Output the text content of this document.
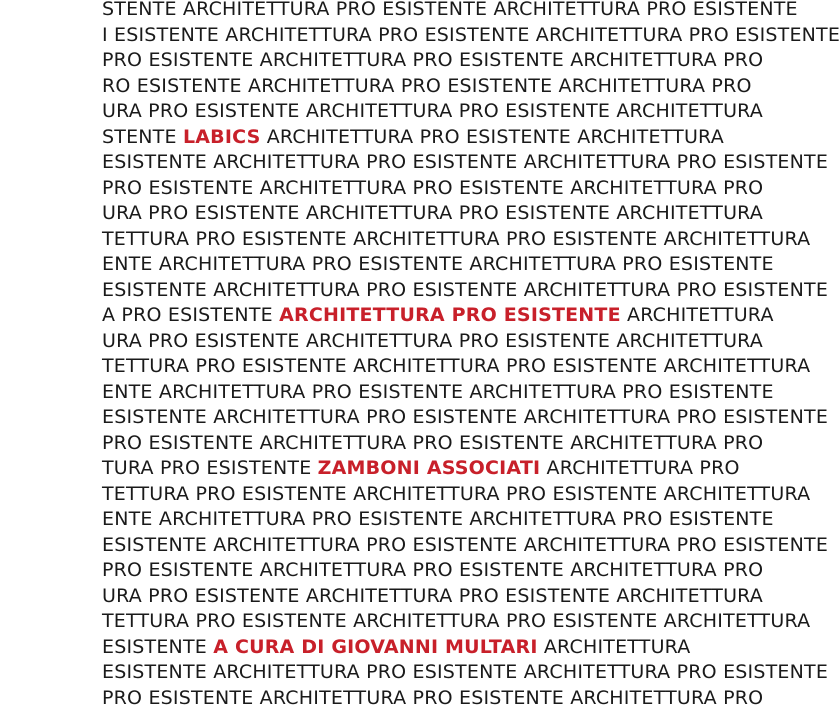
STENTE ARCHITETTURA PRO ESISTENTE ARCHITETTURA PRO ESISTENTE
I ESISTENTE ARCHITETTURA PRO ESISTENTE ARCHITETTURA PRO ESISTENTE
PRO ESISTENTE ARCHITETTURA PRO ESISTENTE ARCHITETTURA PRO
RO ESISTENTE ARCHITETTURA PRO ESISTENTE ARCHITETTURA PRO
URA PRO ESISTENTE ARCHITETTURA PRO ESISTENTE ARCHITETTURA
STENTE LABICS ARCHITETTURA PRO ESISTENTE ARCHITETTURA
ESISTENTE ARCHITETTURA PRO ESISTENTE ARCHITETTURA PRO ESISTENTE
PRO ESISTENTE ARCHITETTURA PRO ESISTENTE ARCHITETTURA PRO
URA PRO ESISTENTE ARCHITETTURA PRO ESISTENTE ARCHITETTURA
TETTURA PRO ESISTENTE ARCHITETTURA PRO ESISTENTE ARCHITETTURA
ENTE ARCHITETTURA PRO ESISTENTE ARCHITETTURA PRO ESISTENTE
ESISTENTE ARCHITETTURA PRO ESISTENTE ARCHITETTURA PRO ESISTENTE
A PRO ESISTENTE ARCHITETTURA PRO ESISTENTE ARCHITETTURA
URA PRO ESISTENTE ARCHITETTURA PRO ESISTENTE ARCHITETTURA
TETTURA PRO ESISTENTE ARCHITETTURA PRO ESISTENTE ARCHITETTURA
ENTE ARCHITETTURA PRO ESISTENTE ARCHITETTURA PRO ESISTENTE
ESISTENTE ARCHITETTURA PRO ESISTENTE ARCHITETTURA PRO ESISTENTE
PRO ESISTENTE ARCHITETTURA PRO ESISTENTE ARCHITETTURA PRO
TURA PRO ESISTENTE ZAMBONI ASSOCIATI ARCHITETTURA PRO
TETTURA PRO ESISTENTE ARCHITETTURA PRO ESISTENTE ARCHITETTURA
ENTE ARCHITETTURA PRO ESISTENTE ARCHITETTURA PRO ESISTENTE
ESISTENTE ARCHITETTURA PRO ESISTENTE ARCHITETTURA PRO ESISTENTE
PRO ESISTENTE ARCHITETTURA PRO ESISTENTE ARCHITETTURA PRO
URA PRO ESISTENTE ARCHITETTURA PRO ESISTENTE ARCHITETTURA
TETTURA PRO ESISTENTE ARCHITETTURA PRO ESISTENTE ARCHITETTURA
ESISTENTE A CURA DI GIOVANNI MULTARI ARCHITETTURA
ESISTENTE ARCHITETTURA PRO ESISTENTE ARCHITETTURA PRO ESISTENTE
PRO ESISTENTE ARCHITETTURA PRO ESISTENTE ARCHITETTURA PRO
